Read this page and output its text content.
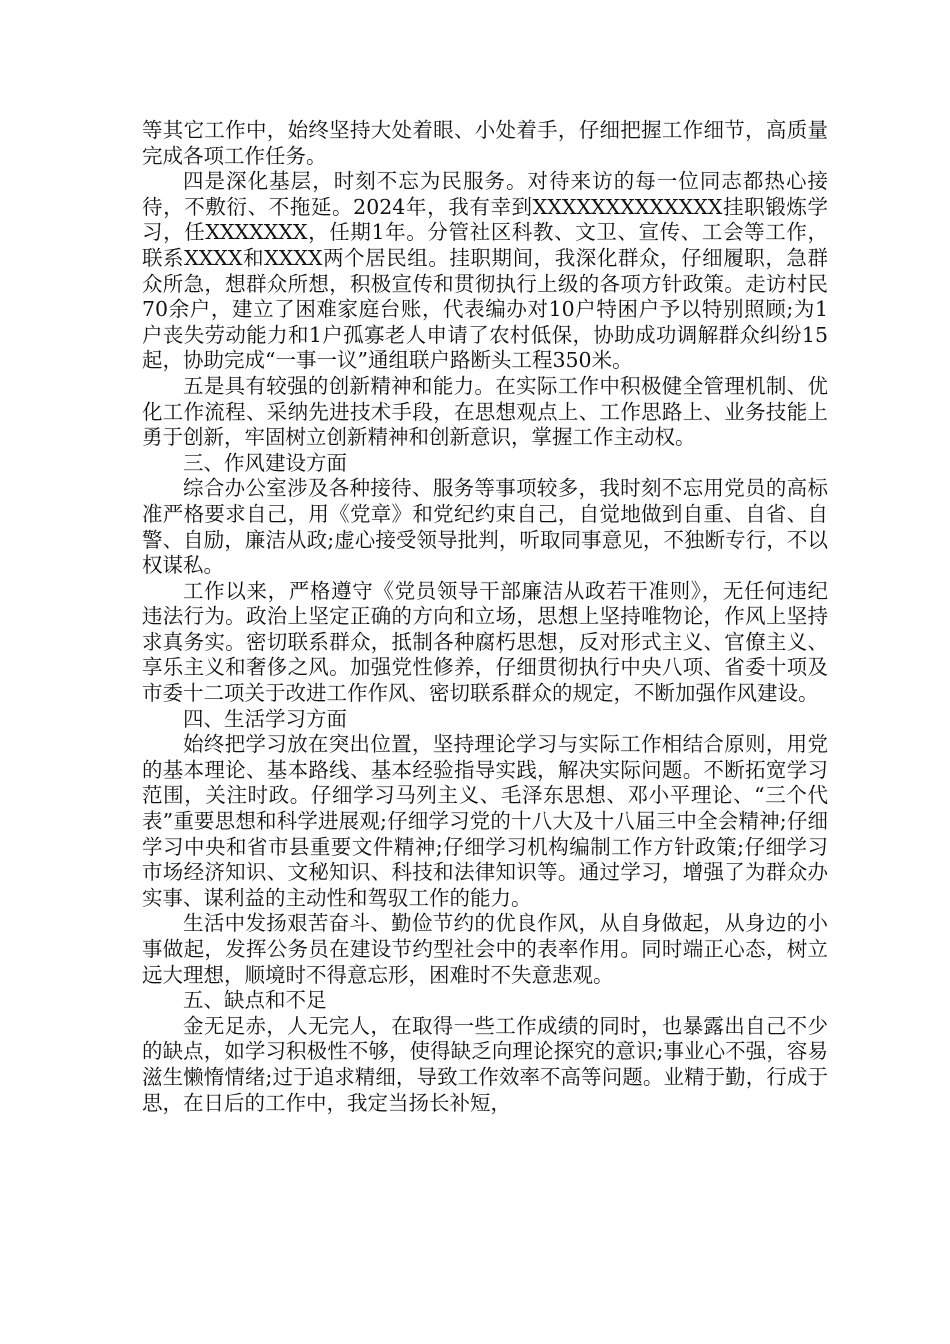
等其它工作中，始终坚持大处着眼、小处着手，仔细把握工作细节，高质量完成各项工作任务。

四是深化基层，时刻不忘为民服务。对待来访的每一位同志都热心接待，不敷衍、不拖延。2024年，我有幸到XXXXXXXXXXXXX挂职锻炼学习，任XXXXXXX，任期1年。分管社区科教、文卫、宣传、工会等工作，联系XXXX和XXXX两个居民组。挂职期间，我深化群众，仔细履职，急群众所急，想群众所想，积极宣传和贯彻执行上级的各项方针政策。走访村民70余户，建立了困难家庭台账，代表编办对10户特困户予以特别照顾;为1户丧失劳动能力和1户孤寡老人申请了农村低保，协助成功调解群众纠纷15起，协助完成“一事一议”通组联户路断头工程350米。

五是具有较强的创新精神和能力。在实际工作中积极健全管理机制、优化工作流程、采纳先进技术手段，在思想观点上、工作思路上、业务技能上勇于创新，牢固树立创新精神和创新意识，掌握工作主动权。

三、作风建设方面

综合办公室涉及各种接待、服务等事项较多，我时刻不忘用党员的高标准严格要求自己，用《党章》和党纪约束自己，自觉地做到自重、自省、自警、自励，廉洁从政;虚心接受领导批判，听取同事意见，不独断专行，不以权谋私。

工作以来，严格遵守《党员领导干部廉洁从政若干准则》，无任何违纪违法行为。政治上坚定正确的方向和立场，思想上坚持唯物论，作风上坚持求真务实。密切联系群众，抵制各种腐朽思想，反对形式主义、官僚主义、享乐主义和奢侈之风。加强党性修养，仔细贯彻执行中央八项、省委十项及市委十二项关于改进工作作风、密切联系群众的规定，不断加强作风建设。

四、生活学习方面

始终把学习放在突出位置，坚持理论学习与实际工作相结合原则，用党的基本理论、基本路线、基本经验指导实践，解决实际问题。不断拓宽学习范围，关注时政。仔细学习马列主义、毛泽东思想、邓小平理论、“三个代表”重要思想和科学进展观;仔细学习党的十八大及十八届三中全会精神;仔细学习中央和省市县重要文件精神;仔细学习机构编制工作方针政策;仔细学习市场经济知识、文秘知识、科技和法律知识等。通过学习，增强了为群众办实事、谋利益的主动性和驾驭工作的能力。

生活中发扬艰苦奋斗、勤俭节约的优良作风，从自身做起，从身边的小事做起，发挥公务员在建设节约型社会中的表率作用。同时端正心态，树立远大理想，顺境时不得意忘形，困难时不失意悲观。

五、缺点和不足

金无足赤，人无完人，在取得一些工作成绩的同时，也暴露出自己不少的缺点，如学习积极性不够，使得缺乏向理论探究的意识;事业心不强，容易滋生懒惰情绪;过于追求精细，导致工作效率不高等问题。业精于勤，行成于思，在日后的工作中，我定当扬长补短，
